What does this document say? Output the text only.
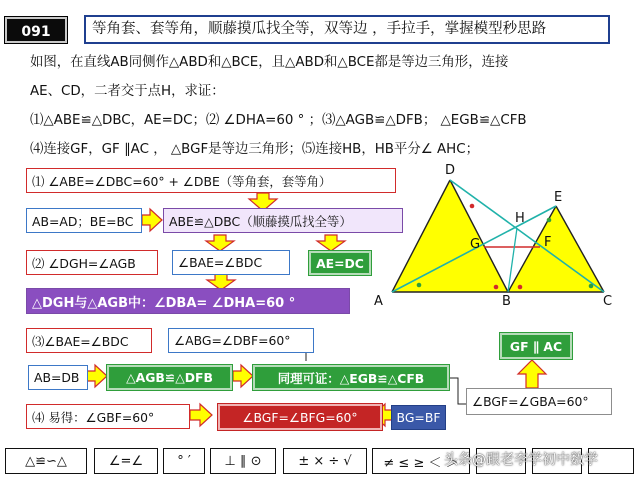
091	等角套、套等角，顺藤摸瓜找全等，双等边 ，手拉手，掌握模型秒思路
如图，在直线AB同侧作△ABD和△BCE，且△ABD和△BCE都是等边三角形，连接
AE、CD，二者交于点H，求证：
⑴△ABE≌△DBC，AE=DC；⑵ ∠DHA=60 ° ；⑶△AGB≌△DFB； △EGB≌△CFB
⑷连接GF，GF ∥AC ， △BGF是等边三角形；⑸连接HB，HB平分∠ AHC；
D
E
H
G	F
A	B	C
⑴ ∠ABE=∠DBC=60° + ∠DBE（等角套，套等角）
AB=AD；BE=BC	ABE≌△DBC（顺藤摸瓜找全等）
⑵ ∠DGH=∠AGB	∠BAE=∠BDC	AE=DC
△DGH与△AGB中：∠DBA= ∠DHA=60 °
⑶∠BAE=∠BDC	∠ABG=∠DBF=60°
AB=DB	△AGB≌△DFB	同理可证：△EGB≌△CFB
⑷ 易得：∠GBF=60°	∠BGF=∠BFG=60°	BG=BF
∠BGF=∠GBA=60°
GF ∥ AC
△≌∽△	∠=∠	° ′	⊥ ∥ ⊙	± × ÷ √ ≠ ≤ ≥ ＜ ＞
头条@跟老李学初中数学
